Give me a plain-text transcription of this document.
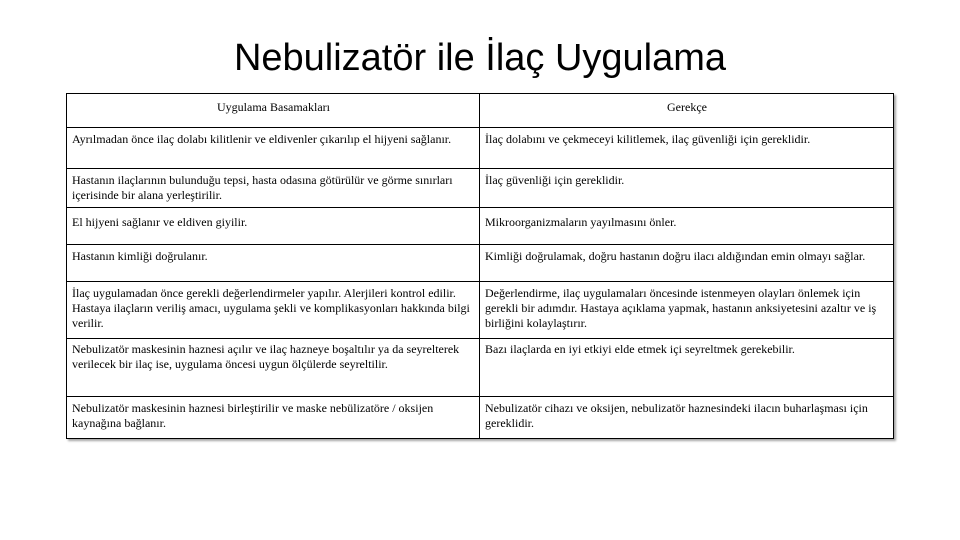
Nebulizatör ile İlaç Uygulama
Uygulama Basamakları	Gerekçe
Ayrılmadan önce ilaç dolabı kilitlenir ve eldivenler çıkarılıp el hijyeni sağlanır.	İlaç dolabını ve çekmeceyi kilitlemek, ilaç güvenliği için gereklidir.
Hastanın ilaçlarının bulunduğu tepsi, hasta odasına götürülür ve görme sınırları içerisinde bir alana yerleştirilir.	İlaç güvenliği için gereklidir.
El hijyeni sağlanır ve eldiven giyilir.	Mikroorganizmaların yayılmasını önler.
Hastanın kimliği doğrulanır.	Kimliği doğrulamak, doğru hastanın doğru ilacı aldığından emin olmayı sağlar.
İlaç uygulamadan önce gerekli değerlendirmeler yapılır. Alerjileri kontrol edilir. Hastaya ilaçların veriliş amacı, uygulama şekli ve komplikasyonları hakkında bilgi verilir.	Değerlendirme, ilaç uygulamaları öncesinde istenmeyen olayları önlemek için gerekli bir adımdır. Hastaya açıklama yapmak, hastanın anksiyetesini azaltır ve iş birliğini kolaylaştırır.
Nebulizatör maskesinin haznesi açılır ve ilaç hazneye boşaltılır ya da seyrelterek verilecek bir ilaç ise, uygulama öncesi uygun ölçülerde seyreltilir.	Bazı ilaçlarda en iyi etkiyi elde etmek içi seyreltmek gerekebilir.
Nebulizatör maskesinin haznesi birleştirilir ve maske nebülizatöre / oksijen kaynağına bağlanır.	Nebulizatör cihazı ve oksijen, nebulizatör haznesindeki ilacın buharlaşması için gereklidir.
